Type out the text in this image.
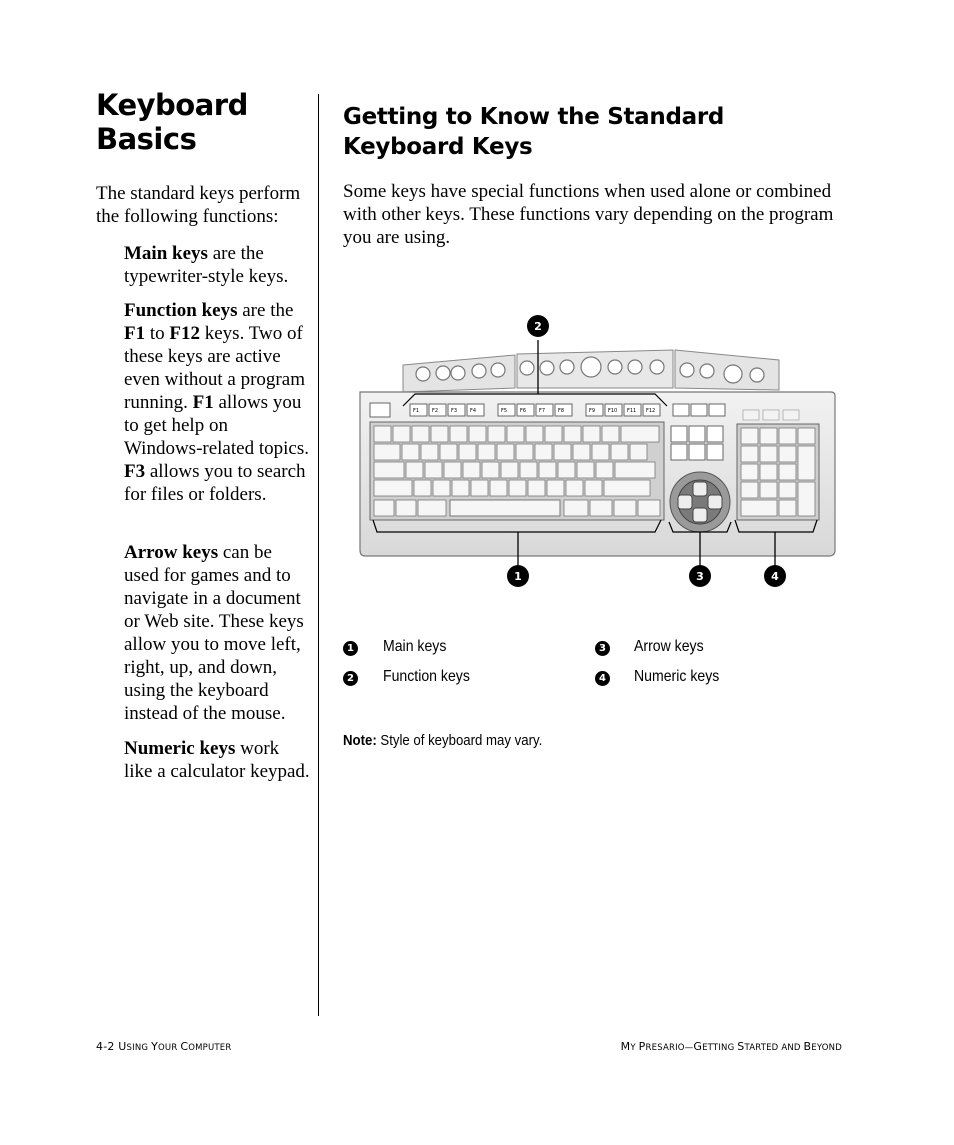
Keyboard
Basics

The standard keys perform the following functions:

Main keys are the typewriter-style keys.

Function keys are the F1 to F12 keys. Two of these keys are active even without a program running. F1 allows you to get help on Windows-related topics. F3 allows you to search for files or folders.

Arrow keys can be used for games and to navigate in a document or Web site. These keys allow you to move left, right, up, and down, using the keyboard instead of the mouse.

Numeric keys work like a calculator keypad.

Getting to Know the Standard
Keyboard Keys

Some keys have special functions when used alone or combined with other keys. These functions vary depending on the program you are using.

F1	F2	F3	F4	F5	F6	F7	F8	F9	F10 F11 F12
2
1	3	4
1 Main keys
2 Function keys
3 Arrow keys
4 Numeric keys
Note: Style of keyboard may vary.
4-2 USING YOUR COMPUTER	MY PRESARIO—GETTING STARTED AND BEYOND
